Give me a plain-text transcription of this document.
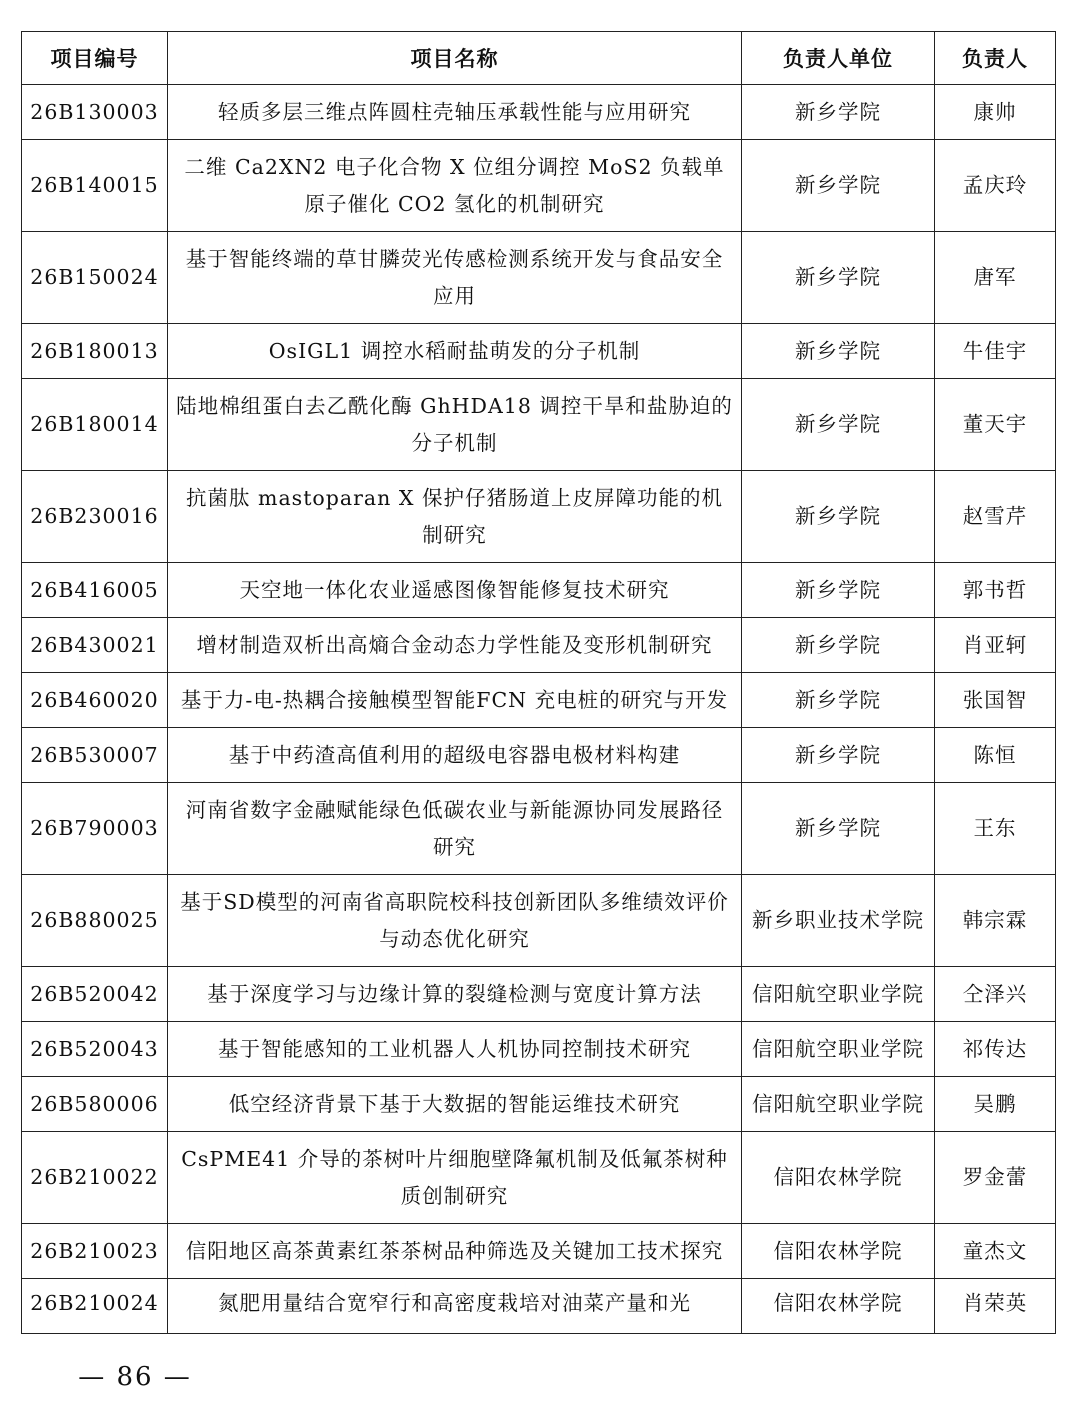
项目编号	项目名称	负责人单位	负责人
26B130003	轻质多层三维点阵圆柱壳轴压承载性能与应用研究	新乡学院	康帅
26B140015	二维 Ca2XN2 电子化合物 X 位组分调控 MoS2 负载单原子催化 CO2 氢化的机制研究	新乡学院	孟庆玲
26B150024	基于智能终端的草甘膦荧光传感检测系统开发与食品安全应用	新乡学院	唐军
26B180013	OsIGL1 调控水稻耐盐萌发的分子机制	新乡学院	牛佳宇
26B180014	陆地棉组蛋白去乙酰化酶 GhHDA18 调控干旱和盐胁迫的分子机制	新乡学院	董天宇
26B230016	抗菌肽 mastoparan X 保护仔猪肠道上皮屏障功能的机制研究	新乡学院	赵雪芹
26B416005	天空地一体化农业遥感图像智能修复技术研究	新乡学院	郭书哲
26B430021	增材制造双析出高熵合金动态力学性能及变形机制研究	新乡学院	肖亚轲
26B460020	基于力-电-热耦合接触模型智能FCN 充电桩的研究与开发	新乡学院	张国智
26B530007	基于中药渣高值利用的超级电容器电极材料构建	新乡学院	陈恒
26B790003	河南省数字金融赋能绿色低碳农业与新能源协同发展路径研究	新乡学院	王东
26B880025	基于SD模型的河南省高职院校科技创新团队多维绩效评价与动态优化研究	新乡职业技术学院	韩宗霖
26B520042	基于深度学习与边缘计算的裂缝检测与宽度计算方法	信阳航空职业学院	仝泽兴
26B520043	基于智能感知的工业机器人人机协同控制技术研究	信阳航空职业学院	祁传达
26B580006	低空经济背景下基于大数据的智能运维技术研究	信阳航空职业学院	吴鹏
26B210022	CsPME41 介导的茶树叶片细胞壁降氟机制及低氟茶树种质创制研究	信阳农林学院	罗金蕾
26B210023	信阳地区高茶黄素红茶茶树品种筛选及关键加工技术探究	信阳农林学院	童杰文
26B210024	氮肥用量结合宽窄行和高密度栽培对油菜产量和光	信阳农林学院	肖荣英
— 86 —
